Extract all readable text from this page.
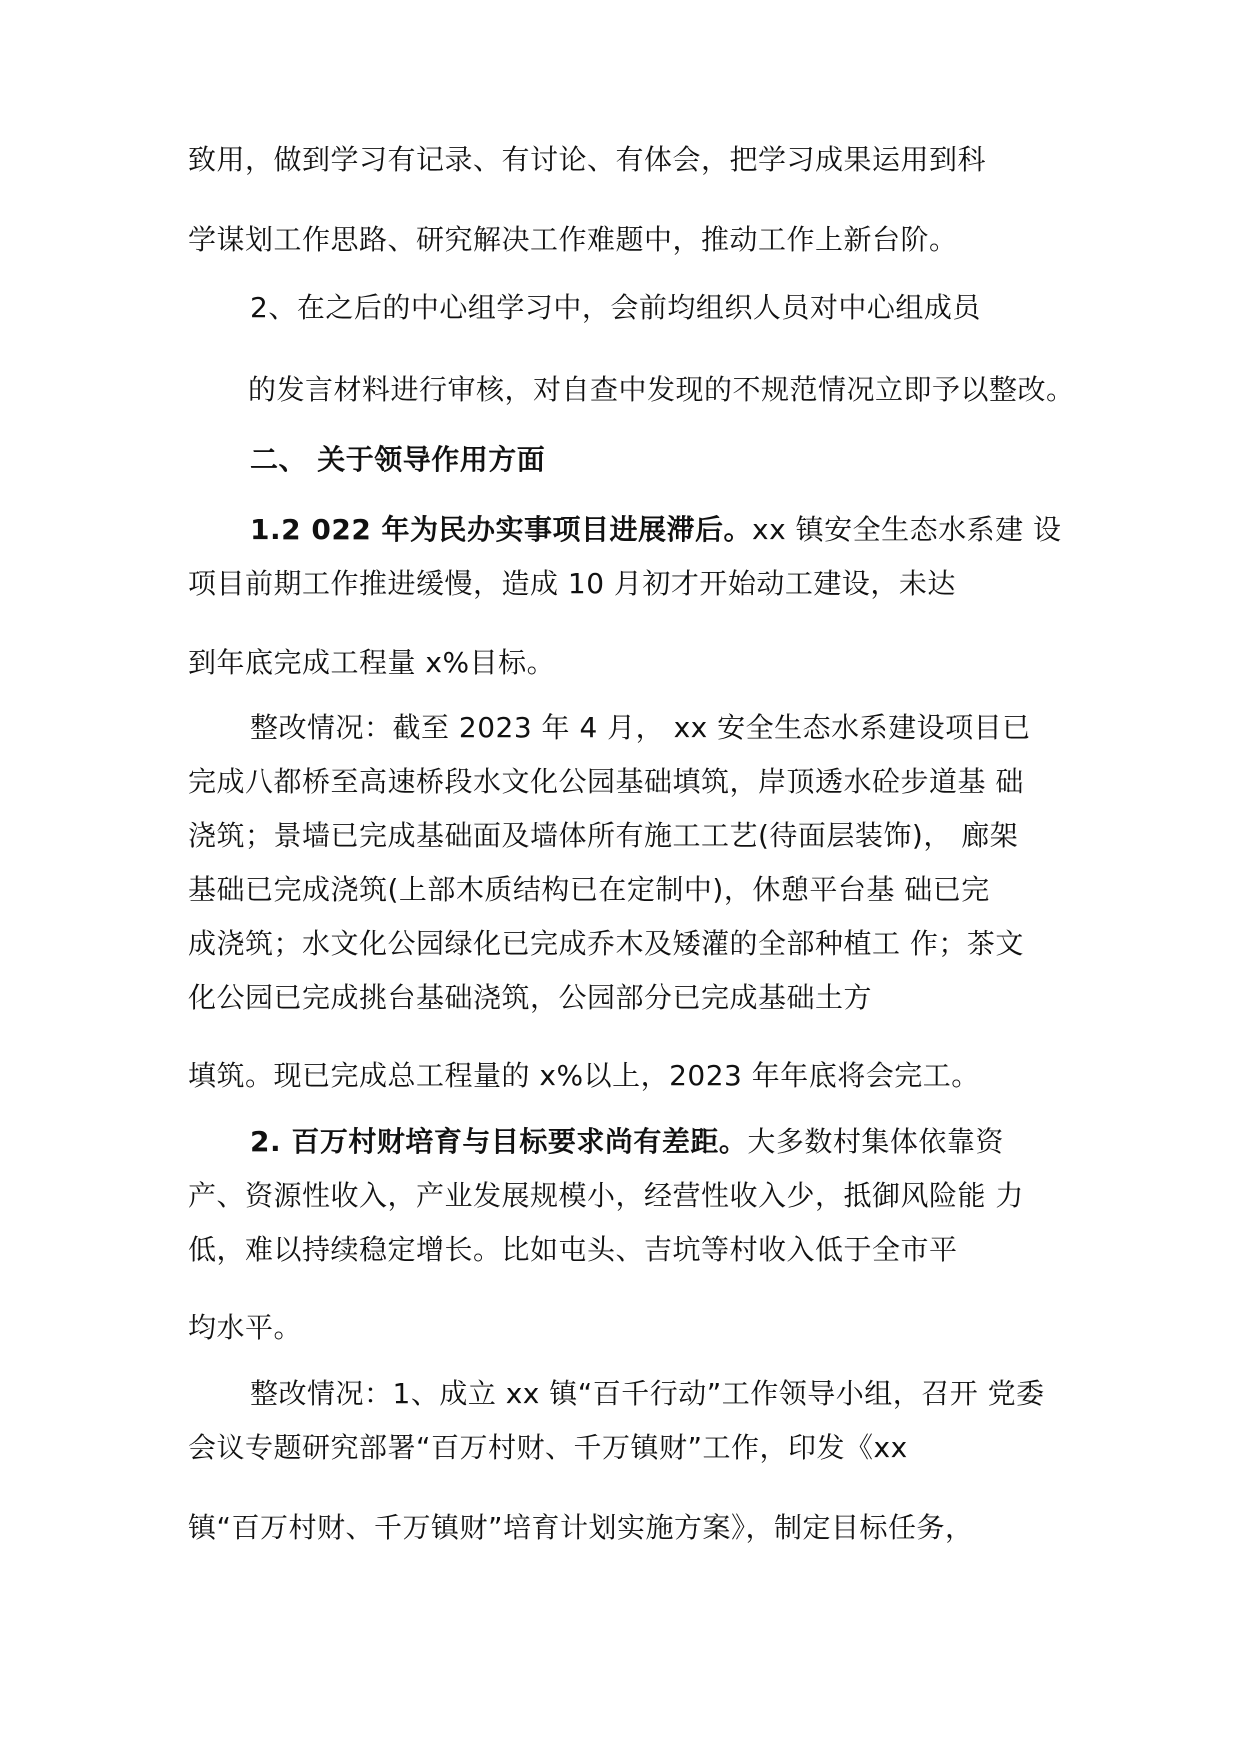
致用，做到学习有记录、有讨论、有体会，把学习成果运用到科
学谋划工作思路、研究解决工作难题中，推动工作上新台阶。
2、在之后的中心组学习中，会前均组织人员对中心组成员
的发言材料进行审核，对自查中发现的不规范情况立即予以整改。
二、 关于领导作用方面
1.2 022 年为民办实事项目进展滞后。xx 镇安全生态水系建 设
项目前期工作推进缓慢，造成 10 月初才开始动工建设，未达
到年底完成工程量 x%目标。
整改情况：截至 2023 年 4 月， xx 安全生态水系建设项目已
完成八都桥至高速桥段水文化公园基础填筑，岸顶透水砼步道基 础
浇筑；景墙已完成基础面及墙体所有施工工艺(待面层装饰)， 廊架
基础已完成浇筑(上部木质结构已在定制中)，休憩平台基 础已完
成浇筑；水文化公园绿化已完成乔木及矮灌的全部种植工 作；茶文
化公园已完成挑台基础浇筑，公园部分已完成基础土方
填筑。现已完成总工程量的 x%以上，2023 年年底将会完工。
2. 百万村财培育与目标要求尚有差距。大多数村集体依靠资
产、资源性收入，产业发展规模小，经营性收入少，抵御风险能 力
低，难以持续稳定增长。比如屯头、吉坑等村收入低于全市平
均水平。
整改情况：1、成立 xx 镇“百千行动”工作领导小组，召开 党委
会议专题研究部署“百万村财、千万镇财”工作，印发《xx
镇“百万村财、千万镇财”培育计划实施方案》，制定目标任务，
